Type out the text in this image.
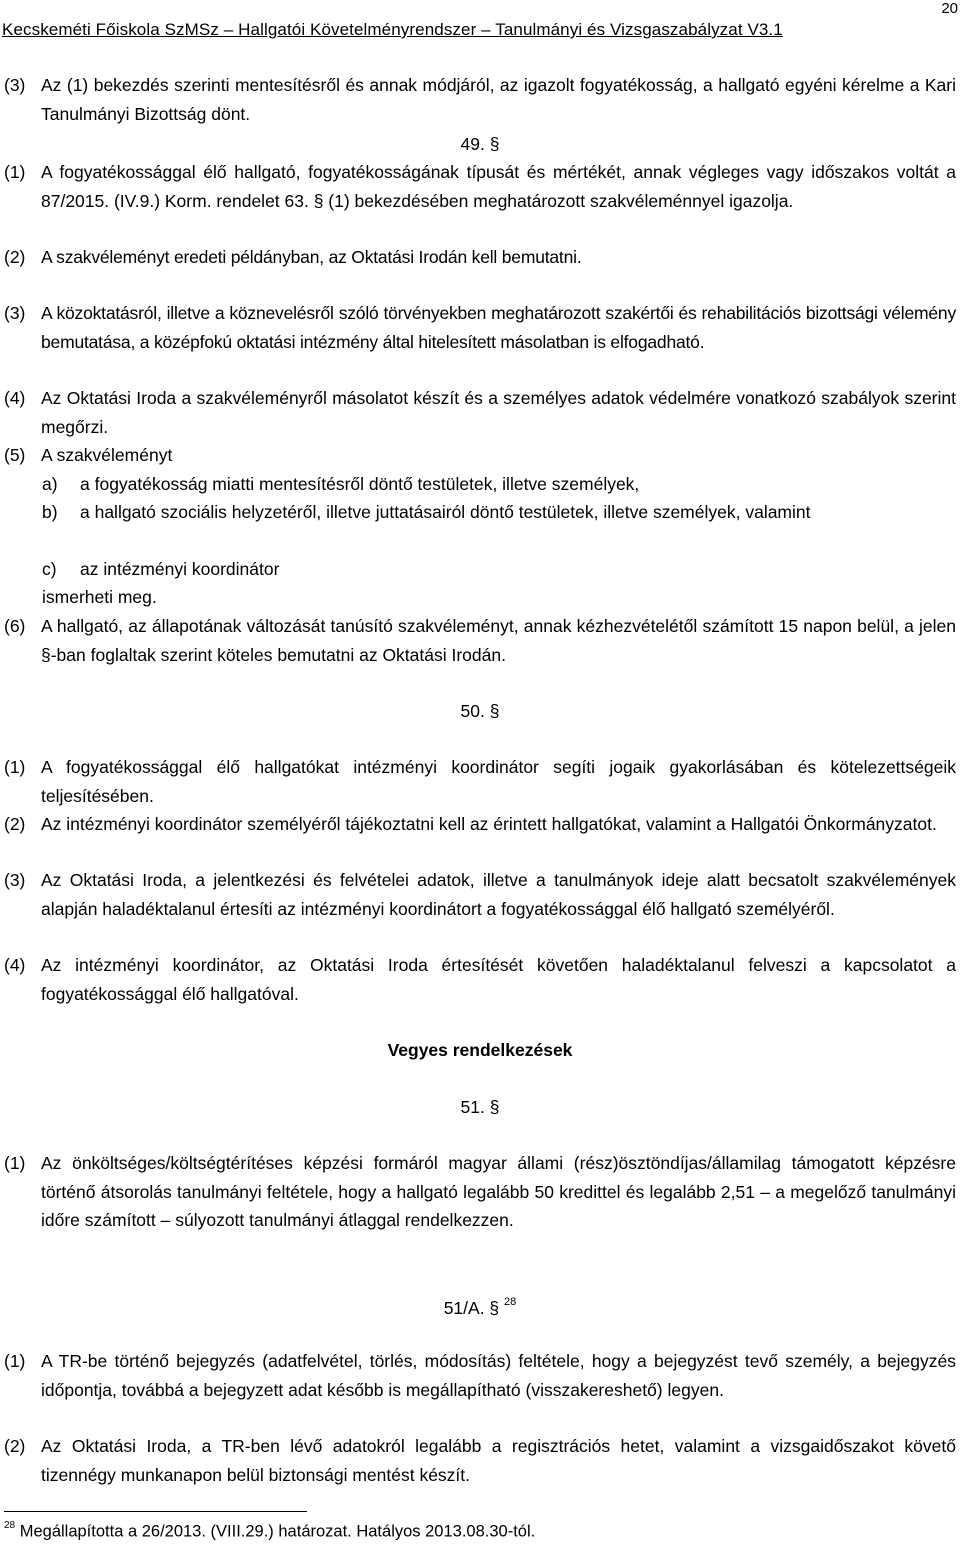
20
Kecskeméti Főiskola SzMSz – Hallgatói Követelményrendszer – Tanulmányi és Vizsgaszabályzat V3.1
(3) Az (1) bekezdés szerinti mentesítésről és annak módjáról, az igazolt fogyatékosság, a hallgató egyéni kérelme a Kari Tanulmányi Bizottság dönt.
49. §
(1) A fogyatékossággal élő hallgató, fogyatékosságának típusát és mértékét, annak végleges vagy időszakos voltát a 87/2015. (IV.9.) Korm. rendelet 63. § (1) bekezdésében meghatározott szakvéleménnyel igazolja.
(2) A szakvéleményt eredeti példányban, az Oktatási Irodán kell bemutatni.
(3) A közoktatásról, illetve a köznevelésről szóló törvényekben meghatározott szakértői és rehabilitációs bizottsági vélemény bemutatása, a középfokú oktatási intézmény által hitelesített másolatban is elfogadható.
(4) Az Oktatási Iroda a szakvéleményről másolatot készít és a személyes adatok védelmére vonatkozó szabályok szerint megőrzi.
(5) A szakvéleményt
a)	a fogyatékosság miatti mentesítésről döntő testületek, illetve személyek,
b)	a hallgató szociális helyzetéről, illetve juttatásairól döntő testületek, illetve személyek, valamint
c)	az intézményi koordinátor
ismerheti meg.
(6) A hallgató, az állapotának változását tanúsító szakvéleményt, annak kézhezvételétől számított 15 napon belül, a jelen §-ban foglaltak szerint köteles bemutatni az Oktatási Irodán.
50. §
(1) A fogyatékossággal élő hallgatókat intézményi koordinátor segíti jogaik gyakorlásában és kötelezettségeik teljesítésében.
(2) Az intézményi koordinátor személyéről tájékoztatni kell az érintett hallgatókat, valamint a Hallgatói Önkormányzatot.
(3) Az Oktatási Iroda, a jelentkezési és felvételei adatok, illetve a tanulmányok ideje alatt becsatolt szakvélemények alapján haladéktalanul értesíti az intézményi koordinátort a fogyatékossággal élő hallgató személyéről.
(4) Az intézményi koordinátor, az Oktatási Iroda értesítését követően haladéktalanul felveszi a kapcsolatot a fogyatékossággal élő hallgatóval.
Vegyes rendelkezések
51. §
(1) Az önköltséges/költségtérítéses képzési formáról magyar állami (rész)ösztöndíjas/államilag támogatott képzésre történő átsorolás tanulmányi feltétele, hogy a hallgató legalább 50 kredittel és legalább 2,51 – a megelőző tanulmányi időre számított – súlyozott tanulmányi átlaggal rendelkezzen.
51/A. § $^{28}$
(1) A TR-be történő bejegyzés (adatfelvétel, törlés, módosítás) feltétele, hogy a bejegyzést tevő személy, a bejegyzés időpontja, továbbá a bejegyzett adat később is megállapítható (visszakereshető) legyen.
(2) Az Oktatási Iroda, a TR-ben lévő adatokról legalább a regisztrációs hetet, valamint a vizsgaidőszakot követő tizennégy munkanapon belül biztonsági mentést készít.
$^{28}$ Megállapította a 26/2013. (VIII.29.) határozat. Hatályos 2013.08.30-tól.
